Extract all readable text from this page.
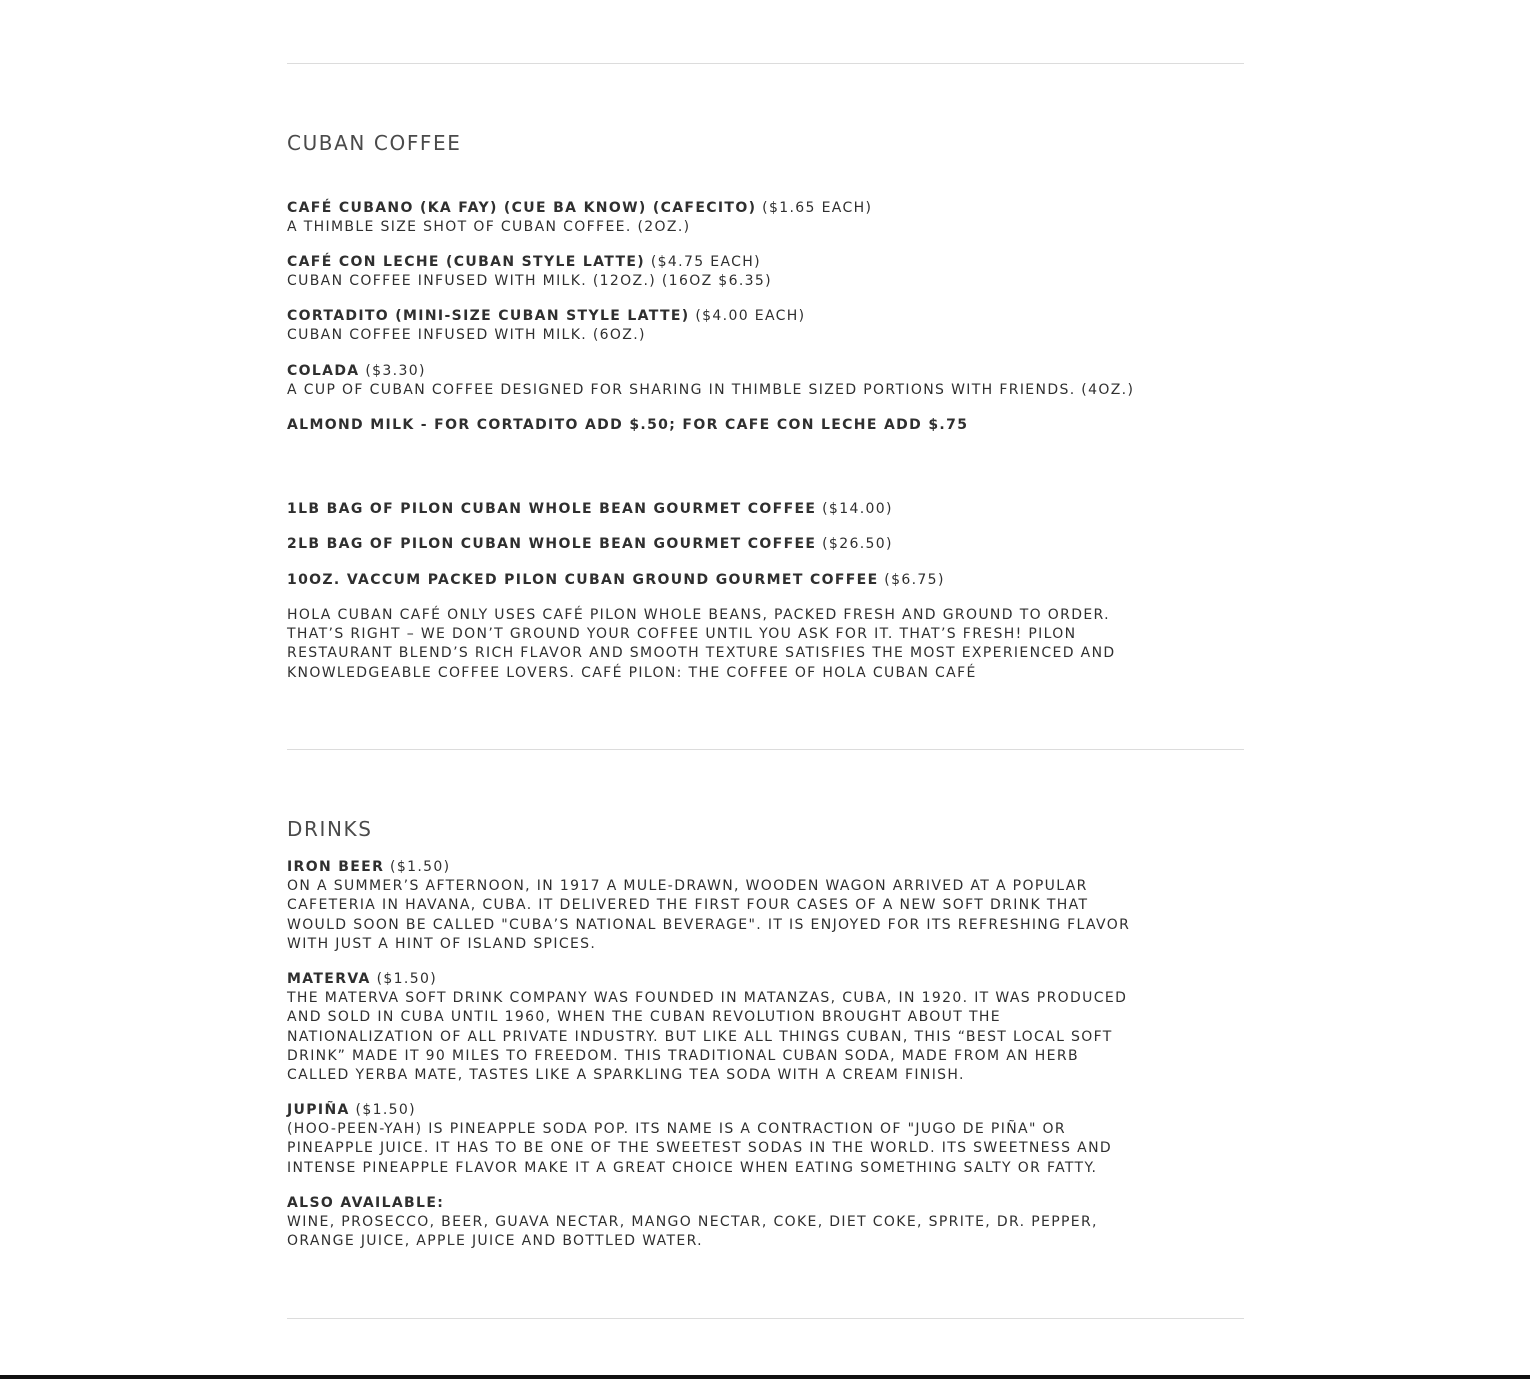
CUBAN COFFEE
CAFÉ CUBANO (KA FAY) (CUE BA KNOW) (CAFECITO) ($1.65 EACH)
A THIMBLE SIZE SHOT OF CUBAN COFFEE. (2OZ.)
CAFÉ CON LECHE (CUBAN STYLE LATTE) ($4.75 EACH)
CUBAN COFFEE INFUSED WITH MILK. (12OZ.) (16OZ $6.35)
CORTADITO (MINI-SIZE CUBAN STYLE LATTE) ($4.00 EACH)
CUBAN COFFEE INFUSED WITH MILK. (6OZ.)
COLADA ($3.30)
A CUP OF CUBAN COFFEE DESIGNED FOR SHARING IN THIMBLE SIZED PORTIONS WITH FRIENDS. (4OZ.)
ALMOND MILK - FOR CORTADITO ADD $.50; FOR CAFE CON LECHE ADD $.75
1LB BAG OF PILON CUBAN WHOLE BEAN GOURMET COFFEE ($14.00)
2LB BAG OF PILON CUBAN WHOLE BEAN GOURMET COFFEE ($26.50)
10OZ. VACCUM PACKED PILON CUBAN GROUND GOURMET COFFEE ($6.75)
HOLA CUBAN CAFÉ ONLY USES CAFÉ PILON WHOLE BEANS, PACKED FRESH AND GROUND TO ORDER.
THAT’S RIGHT – WE DON’T GROUND YOUR COFFEE UNTIL YOU ASK FOR IT. THAT’S FRESH! PILON
RESTAURANT BLEND’S RICH FLAVOR AND SMOOTH TEXTURE SATISFIES THE MOST EXPERIENCED AND
KNOWLEDGEABLE COFFEE LOVERS. CAFÉ PILON: THE COFFEE OF HOLA CUBAN CAFÉ
DRINKS
IRON BEER ($1.50)
ON A SUMMER’S AFTERNOON, IN 1917 A MULE-DRAWN, WOODEN WAGON ARRIVED AT A POPULAR
CAFETERIA IN HAVANA, CUBA. IT DELIVERED THE FIRST FOUR CASES OF A NEW SOFT DRINK THAT
WOULD SOON BE CALLED "CUBA’S NATIONAL BEVERAGE". IT IS ENJOYED FOR ITS REFRESHING FLAVOR
WITH JUST A HINT OF ISLAND SPICES.
MATERVA ($1.50)
THE MATERVA SOFT DRINK COMPANY WAS FOUNDED IN MATANZAS, CUBA, IN 1920. IT WAS PRODUCED
AND SOLD IN CUBA UNTIL 1960, WHEN THE CUBAN REVOLUTION BROUGHT ABOUT THE
NATIONALIZATION OF ALL PRIVATE INDUSTRY. BUT LIKE ALL THINGS CUBAN, THIS “BEST LOCAL SOFT
DRINK” MADE IT 90 MILES TO FREEDOM. THIS TRADITIONAL CUBAN SODA, MADE FROM AN HERB
CALLED YERBA MATE, TASTES LIKE A SPARKLING TEA SODA WITH A CREAM FINISH.
JUPIÑA ($1.50)
(HOO-PEEN-YAH) IS PINEAPPLE SODA POP. ITS NAME IS A CONTRACTION OF "JUGO DE PIÑA" OR
PINEAPPLE JUICE. IT HAS TO BE ONE OF THE SWEETEST SODAS IN THE WORLD. ITS SWEETNESS AND
INTENSE PINEAPPLE FLAVOR MAKE IT A GREAT CHOICE WHEN EATING SOMETHING SALTY OR FATTY.
ALSO AVAILABLE:
WINE, PROSECCO, BEER, GUAVA NECTAR, MANGO NECTAR, COKE, DIET COKE, SPRITE, DR. PEPPER,
ORANGE JUICE, APPLE JUICE AND BOTTLED WATER.
